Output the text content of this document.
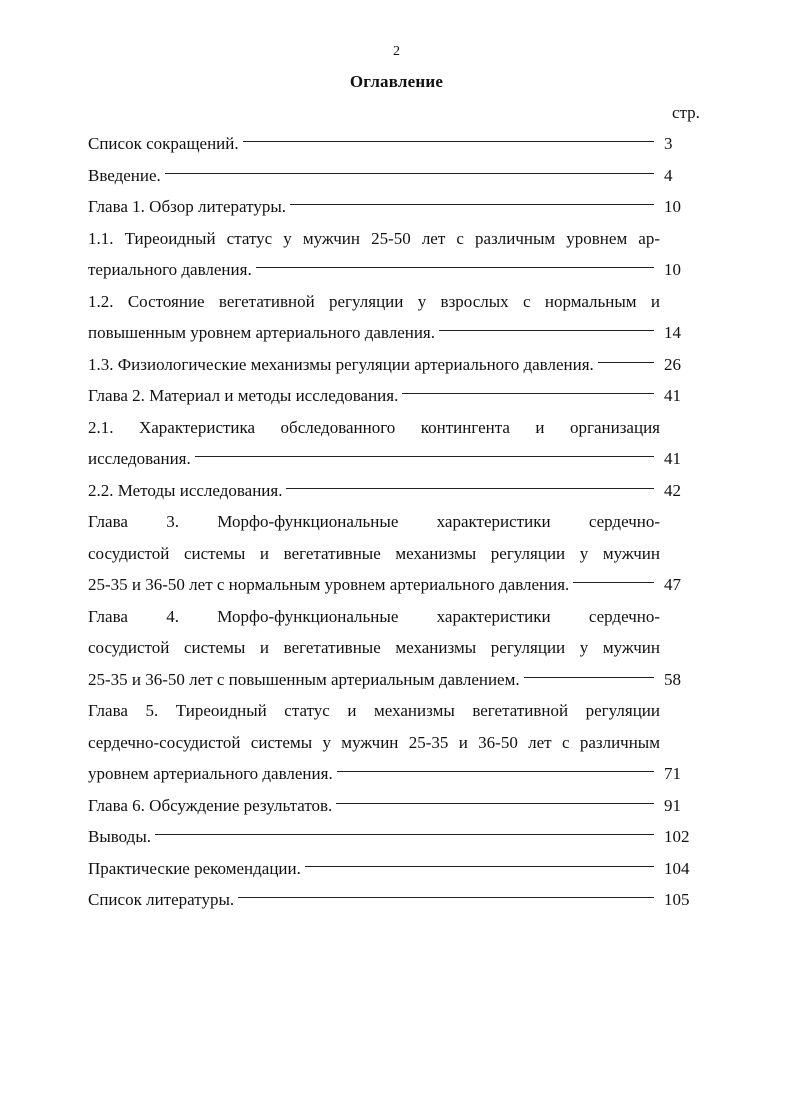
2
Оглавление
стр.
Список сокращений.	3
Введение.	4
Глава 1. Обзор литературы.	10
1.1. Тиреоидный статус у мужчин 25-50 лет с различным уровнем ар-
териального давления.	10
1.2. Состояние вегетативной регуляции у взрослых с нормальным и
повышенным уровнем артериального давления.	14
1.3. Физиологические механизмы регуляции артериального давления.	26
Глава 2. Материал и методы исследования.	41
2.1. Характеристика обследованного контингента и организация
исследования.	41
2.2. Методы исследования.	42
Глава 3. Морфо-функциональные характеристики сердечно-
сосудистой системы и вегетативные механизмы регуляции у мужчин
25-35 и 36-50 лет с нормальным уровнем артериального давления.	47
Глава 4. Морфо-функциональные характеристики сердечно-
сосудистой системы и вегетативные механизмы регуляции у мужчин
25-35 и 36-50 лет с повышенным артериальным давлением.	58
Глава 5. Тиреоидный статус и механизмы вегетативной регуляции
сердечно-сосудистой системы у мужчин 25-35 и 36-50 лет с различным
уровнем артериального давления.	71
Глава 6. Обсуждение результатов.	91
Выводы.	102
Практические рекомендации.	104
Список литературы.	105
